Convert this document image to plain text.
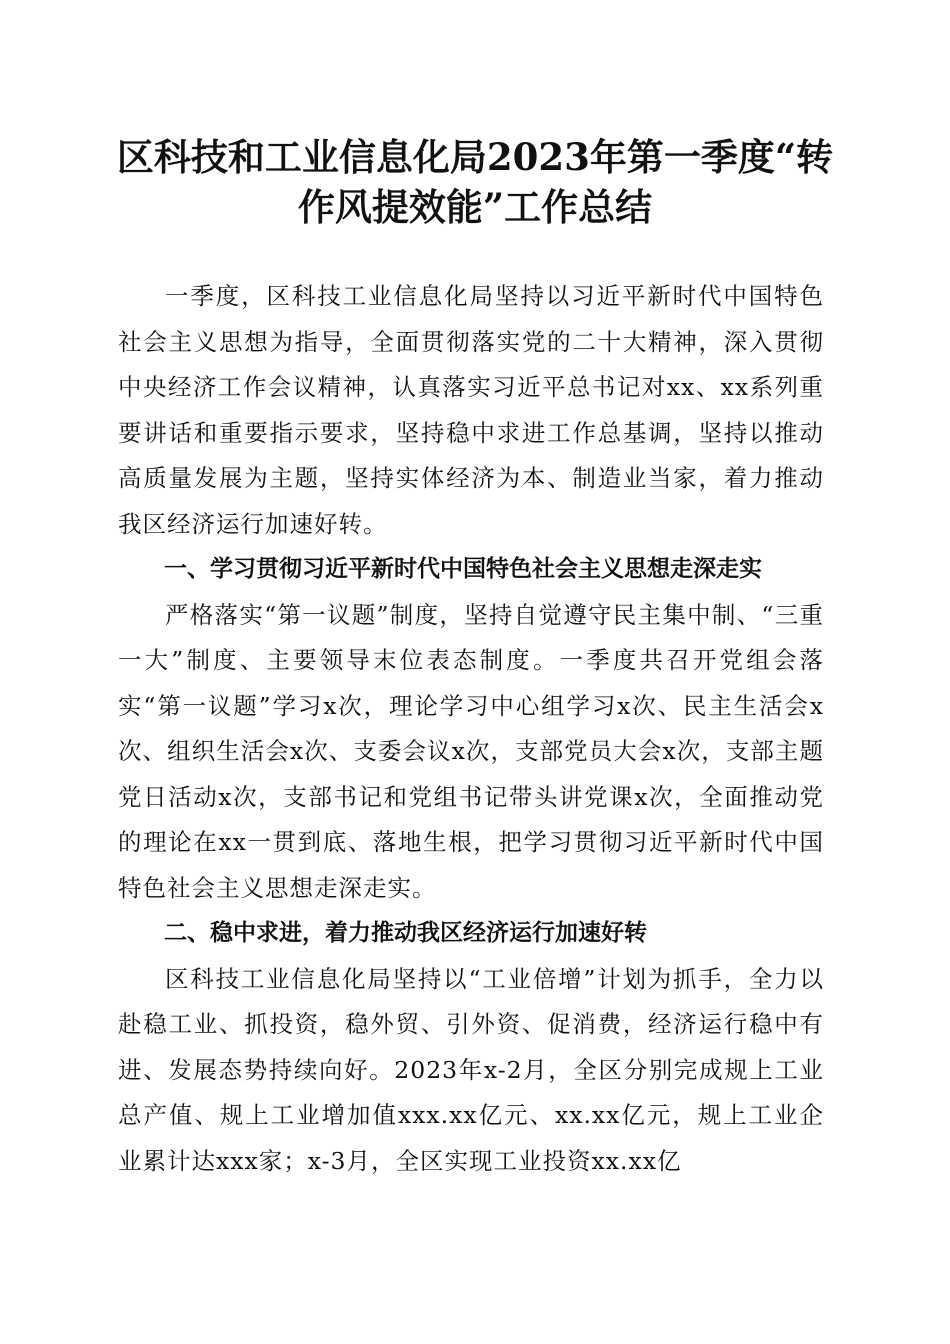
区科技和工业信息化局2023年第一季度“转作风提效能”工作总结

一季度，区科技工业信息化局坚持以习近平新时代中国特色社会主义思想为指导，全面贯彻落实党的二十大精神，深入贯彻中央经济工作会议精神，认真落实习近平总书记对xx、xx系列重要讲话和重要指示要求，坚持稳中求进工作总基调，坚持以推动高质量发展为主题，坚持实体经济为本、制造业当家，着力推动我区经济运行加速好转。

一、学习贯彻习近平新时代中国特色社会主义思想走深走实

严格落实“第一议题”制度，坚持自觉遵守民主集中制、“三重一大”制度、主要领导末位表态制度。一季度共召开党组会落实“第一议题”学习x次，理论学习中心组学习x次、民主生活会x次、组织生活会x次、支委会议x次，支部党员大会x次，支部主题党日活动x次，支部书记和党组书记带头讲党课x次，全面推动党的理论在xx一贯到底、落地生根，把学习贯彻习近平新时代中国特色社会主义思想走深走实。

二、稳中求进，着力推动我区经济运行加速好转

区科技工业信息化局坚持以“工业倍增”计划为抓手，全力以赴稳工业、抓投资，稳外贸、引外资、促消费，经济运行稳中有进、发展态势持续向好。2023年x-2月，全区分别完成规上工业总产值、规上工业增加值xxx.xx亿元、xx.xx亿元，规上工业企业累计达xxx家；x-3月，全区实现工业投资xx.xx亿
